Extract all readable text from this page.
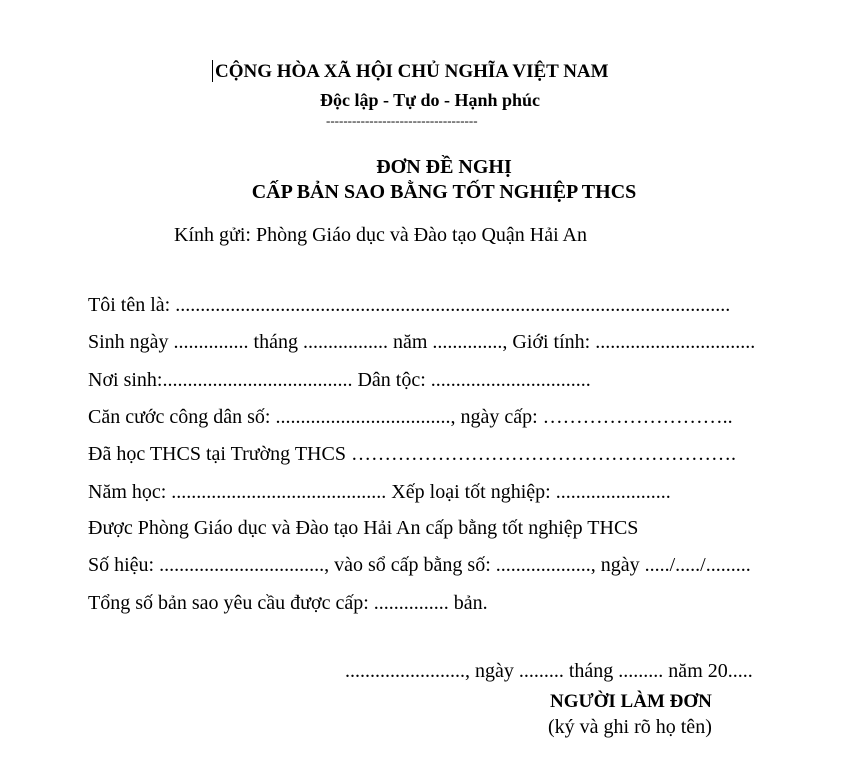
CỘNG HÒA XÃ HỘI CHỦ NGHĨA VIỆT NAM
Độc lập - Tự do - Hạnh phúc
-----------------------------------
ĐƠN ĐỀ NGHỊ
CẤP BẢN SAO BẰNG TỐT NGHIỆP THCS
Kính gửi: Phòng Giáo dục và Đào tạo Quận Hải An
Tôi tên là: ...............................................................................................................
Sinh ngày ............... tháng ................. năm .............., Giới tính: ................................
Nơi sinh:...................................... Dân tộc: ................................
Căn cước công dân số: ..................................., ngày cấp: ………………………..
Đã học THCS tại Trường THCS ………………………………………………….
Năm học: ........................................... Xếp loại tốt nghiệp: .......................
Được Phòng Giáo dục và Đào tạo Hải An cấp bằng tốt nghiệp THCS
Số hiệu: ................................., vào sổ cấp bằng số: ..................., ngày ...../...../.........
Tổng số bản sao yêu cầu được cấp: ............... bản.
........................, ngày ......... tháng ......... năm 20.....
NGƯỜI LÀM ĐƠN
(ký và ghi rõ họ tên)
